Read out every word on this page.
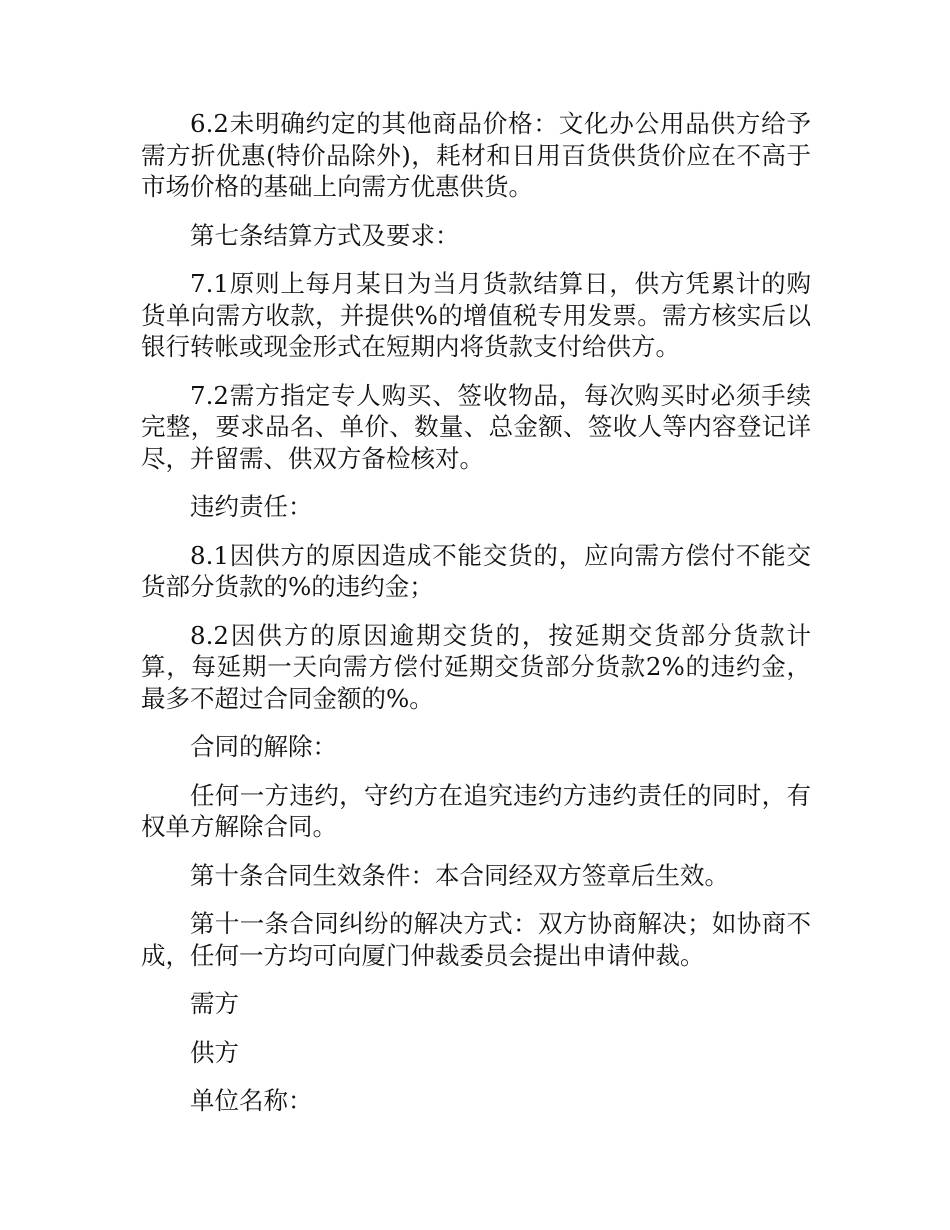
6.2未明确约定的其他商品价格：文化办公用品供方给予需方折优惠(特价品除外)，耗材和日用百货供货价应在不高于市场价格的基础上向需方优惠供货。

第七条结算方式及要求：

7.1原则上每月某日为当月货款结算日，供方凭累计的购货单向需方收款，并提供%的增值税专用发票。需方核实后以银行转帐或现金形式在短期内将货款支付给供方。

7.2需方指定专人购买、签收物品，每次购买时必须手续完整，要求品名、单价、数量、总金额、签收人等内容登记详尽，并留需、供双方备检核对。

违约责任：

8.1因供方的原因造成不能交货的，应向需方偿付不能交货部分货款的%的违约金；

8.2因供方的原因逾期交货的，按延期交货部分货款计算，每延期一天向需方偿付延期交货部分货款2%的违约金，最多不超过合同金额的%。

合同的解除：

任何一方违约，守约方在追究违约方违约责任的同时，有权单方解除合同。

第十条合同生效条件：本合同经双方签章后生效。

第十一条合同纠纷的解决方式：双方协商解决；如协商不成，任何一方均可向厦门仲裁委员会提出申请仲裁。

需方

供方

单位名称：
